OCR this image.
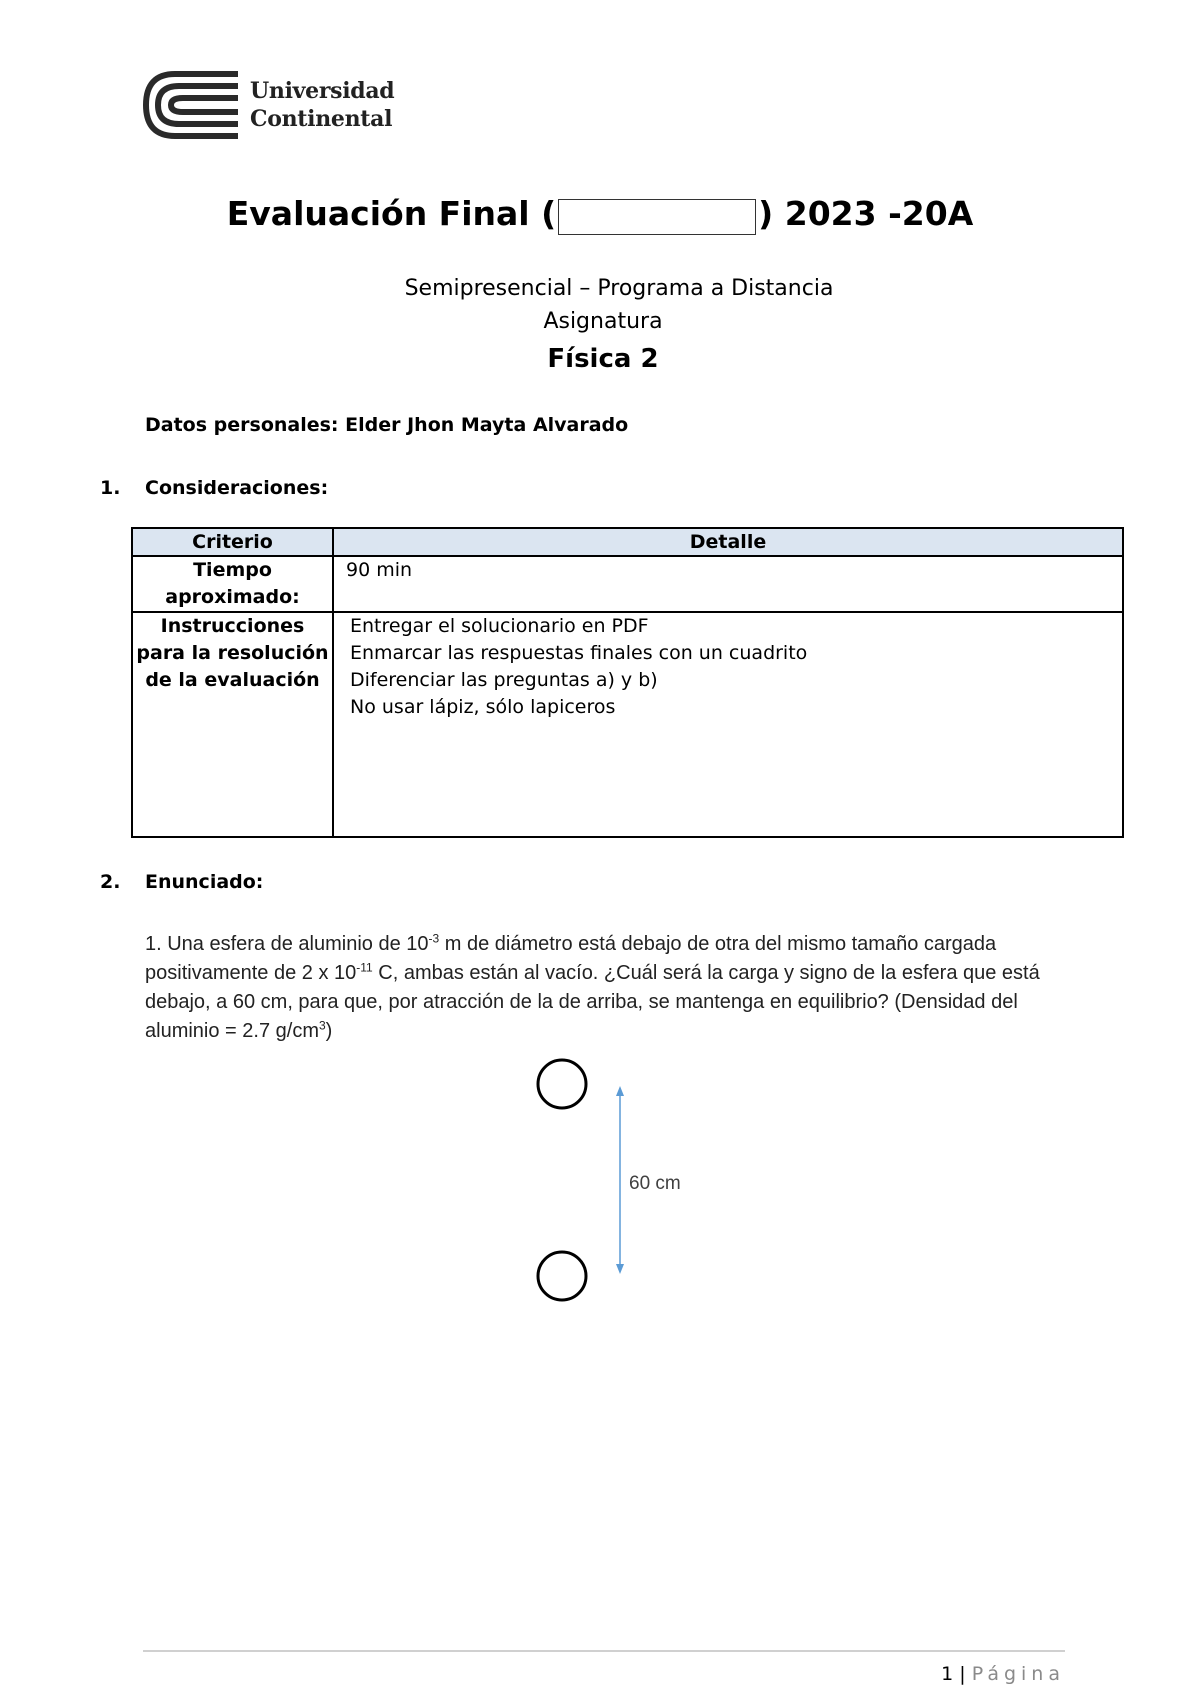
Universidad
Continental
Evaluación Final (	) 2023 -20A
Semipresencial – Programa a Distancia
Asignatura
Física 2
Datos personales: Elder Jhon Mayta Alvarado
1. Consideraciones:
Criterio	Detalle
Tiempo aproximado:	90 min

Instrucciones para la resolución de la evaluación	Entregar el solucionario en PDF
Enmarcar las respuestas finales con un cuadrito
Diferenciar las preguntas a) y b)
No usar lápiz, sólo lapiceros
2. Enunciado:
1. Una esfera de aluminio de $10^{-3}$ m de diámetro está debajo de otra del mismo tamaño cargada positivamente de 2 x $10^{-11}$ C, ambas están al vacío. ¿Cuál será la carga y signo de la esfera que está debajo, a 60 cm, para que, por atracción de la de arriba, se mantenga en equilibrio? (Densidad del aluminio = 2.7 $g/cm^3$)
60 cm
1 | Página
